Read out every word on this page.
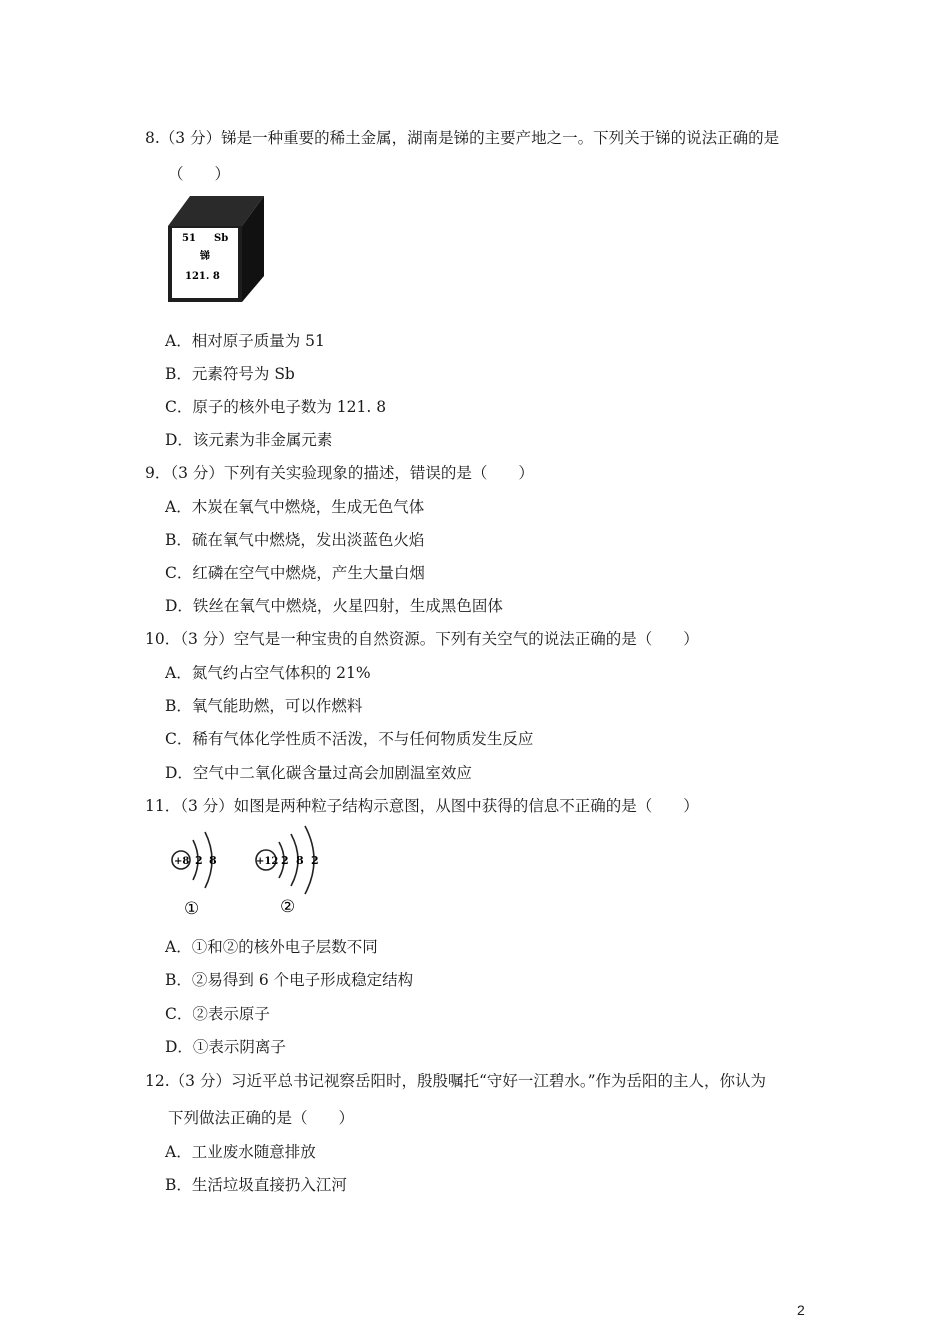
8.（3 分）锑是一种重要的稀土金属，湖南是锑的主要产地之一。下列关于锑的说法正确的是
（　　）
51 Sb
锑
121. 8
A．相对原子质量为 51
B．元素符号为 Sb
C．原子的核外电子数为 121. 8
D．该元素为非金属元素
9．（3 分）下列有关实验现象的描述，错误的是（　　）
A．木炭在氧气中燃烧，生成无色气体
B．硫在氧气中燃烧，发出淡蓝色火焰
C．红磷在空气中燃烧，产生大量白烟
D．铁丝在氧气中燃烧，火星四射，生成黑色固体
10．（3 分）空气是一种宝贵的自然资源。下列有关空气的说法正确的是（　　）
A．氮气约占空气体积的 21%
B．氧气能助燃，可以作燃料
C．稀有气体化学性质不活泼，不与任何物质发生反应
D．空气中二氧化碳含量过高会加剧温室效应
11．（3 分）如图是两种粒子结构示意图，从图中获得的信息不正确的是（　　）
+8 2 8
①
+12 2 8 2
②
A．①和②的核外电子层数不同
B．②易得到 6 个电子形成稳定结构
C．②表示原子
D．①表示阴离子
12.（3 分）习近平总书记视察岳阳时，殷殷嘱托“守好一江碧水。”作为岳阳的主人，你认为
下列做法正确的是（　　）
A．工业废水随意排放
B．生活垃圾直接扔入江河
2
